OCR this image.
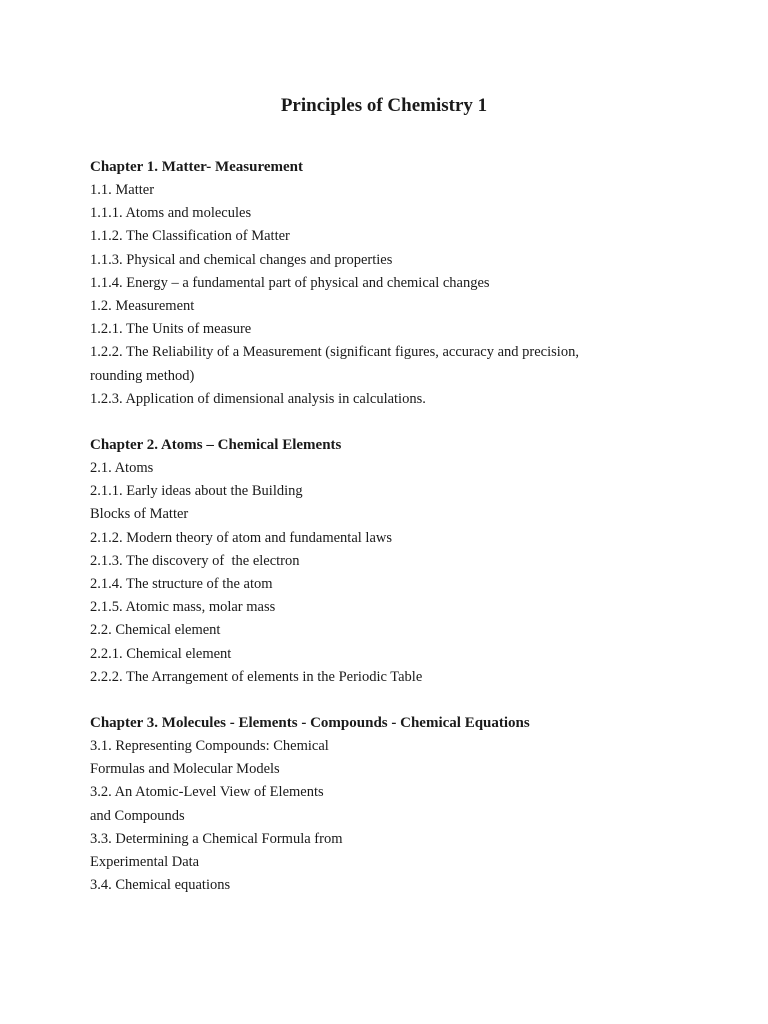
Principles of Chemistry 1
Chapter 1. Matter- Measurement
1.1. Matter
1.1.1. Atoms and molecules
1.1.2. The Classification of Matter
1.1.3. Physical and chemical changes and properties
1.1.4. Energy – a fundamental part of physical and chemical changes
1.2. Measurement
1.2.1. The Units of measure
1.2.2. The Reliability of a Measurement (significant figures, accuracy and precision,
rounding method)
1.2.3. Application of dimensional analysis in calculations.
Chapter 2. Atoms – Chemical Elements
2.1. Atoms
2.1.1. Early ideas about the Building
Blocks of Matter
2.1.2. Modern theory of atom and fundamental laws
2.1.3. The discovery of  the electron
2.1.4. The structure of the atom
2.1.5. Atomic mass, molar mass
2.2. Chemical element
2.2.1. Chemical element
2.2.2. The Arrangement of elements in the Periodic Table
Chapter 3. Molecules - Elements - Compounds - Chemical Equations
3.1. Representing Compounds: Chemical
Formulas and Molecular Models
3.2. An Atomic-Level View of Elements
and Compounds
3.3. Determining a Chemical Formula from
Experimental Data
3.4. Chemical equations
